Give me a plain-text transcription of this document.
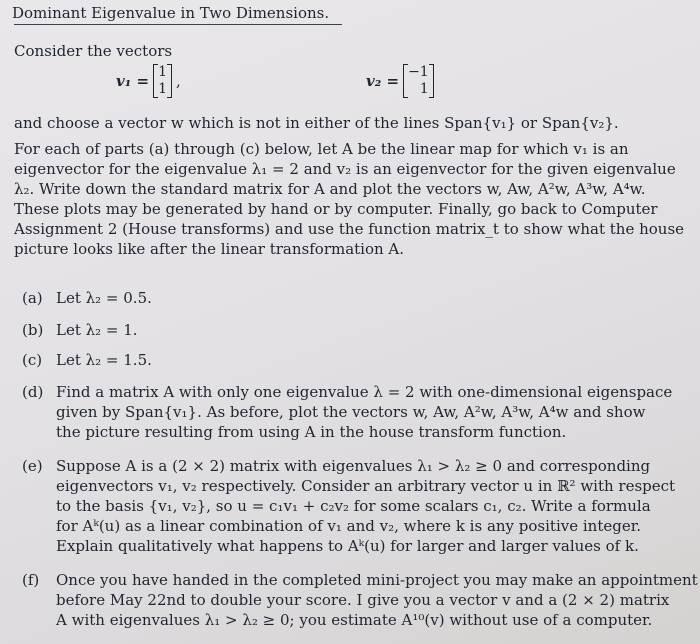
Dominant Eigenvalue in Two Dimensions.
Consider the vectors
v₁ = 1
1 ,	v₂ = −1
1
and choose a vector w which is not in either of the lines Span{v₁} or Span{v₂}.
For each of parts (a) through (c) below, let A be the linear map for which v₁ is an
eigenvector for the eigenvalue λ₁ = 2 and v₂ is an eigenvector for the given eigenvalue
λ₂. Write down the standard matrix for A and plot the vectors w, Aw, A²w, A³w, A⁴w.
These plots may be generated by hand or by computer. Finally, go back to Computer
Assignment 2 (House transforms) and use the function matrix_t to show what the house
picture looks like after the linear transformation A.
(a) Let λ₂ = 0.5.
(b) Let λ₂ = 1.
(c) Let λ₂ = 1.5.
(d) Find a matrix A with only one eigenvalue λ = 2 with one-dimensional eigenspace
given by Span{v₁}. As before, plot the vectors w, Aw, A²w, A³w, A⁴w and show
the picture resulting from using A in the house transform function.
(e) Suppose A is a (2 × 2) matrix with eigenvalues λ₁ > λ₂ ≥ 0 and corresponding
eigenvectors v₁, v₂ respectively. Consider an arbitrary vector u in ℝ² with respect
to the basis {v₁, v₂}, so u = c₁v₁ + c₂v₂ for some scalars c₁, c₂. Write a formula
for Aᵏ(u) as a linear combination of v₁ and v₂, where k is any positive integer.
Explain qualitatively what happens to Aᵏ(u) for larger and larger values of k.
(f) Once you have handed in the completed mini-project you may make an appointment
before May 22nd to double your score. I give you a vector v and a (2 × 2) matrix
A with eigenvalues λ₁ > λ₂ ≥ 0; you estimate A¹⁰(v) without use of a computer.
